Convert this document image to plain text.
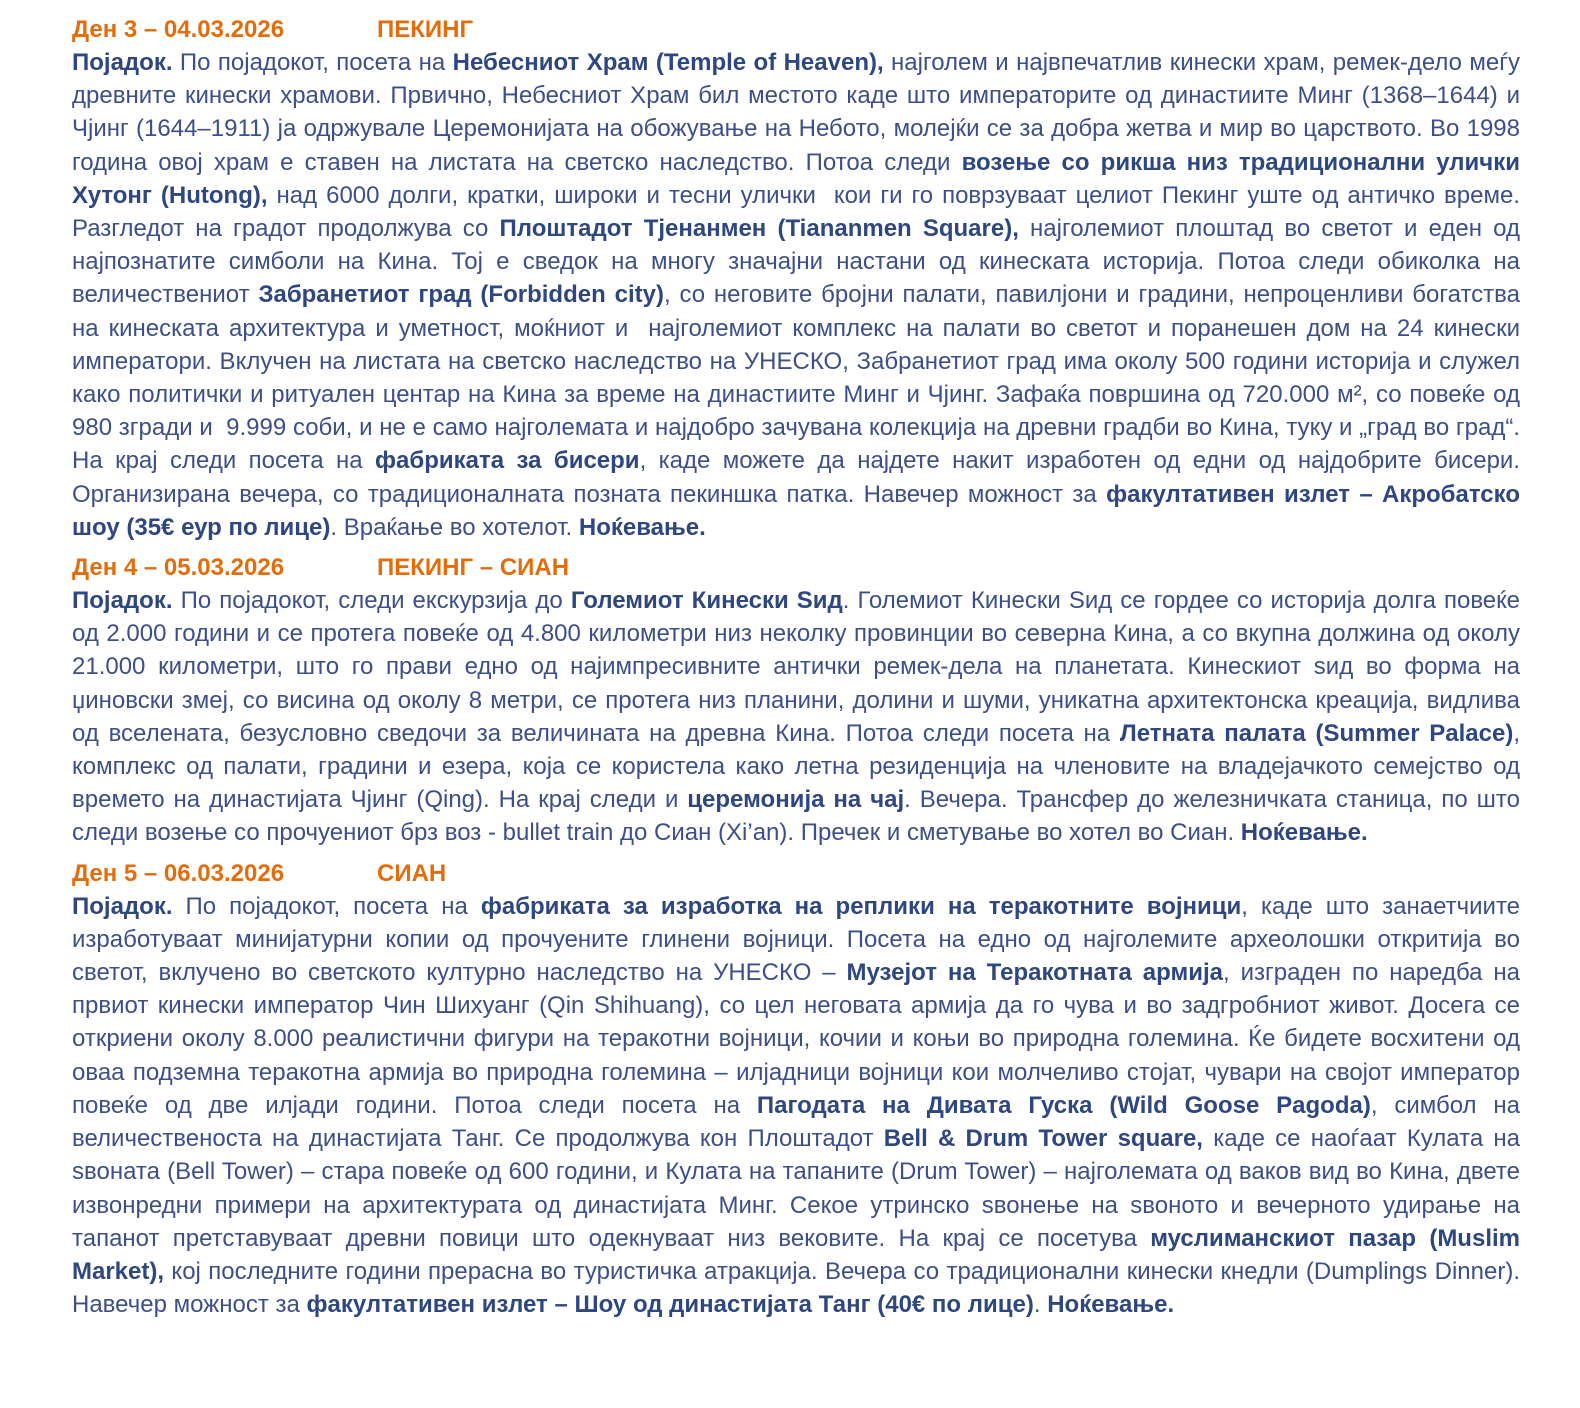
Ден 3 – 04.03.2026	ПЕКИНГ

Појадок. По појадокот, посета на Небесниот Храм (Temple of Heaven), најголем и највпечатлив кинески храм, ремек-дело меѓу древните кинески храмови. Првично, Небесниот Храм бил местото каде што императорите од династиите Минг (1368–1644) и Чјинг (1644–1911) ја одржувале Церемонијата на обожување на Небото, молејќи се за добра жетва и мир во царството. Во 1998 година овој храм е ставен на листата на светско наследство. Потоа следи возење со рикша низ традиционални улички Хутонг (Hutong), над 6000 долги, кратки, широки и тесни улички  кои ги го поврзуваат целиот Пекинг уште од античко време. Разгледот на градот продолжува со Плоштадот Тјенанмен (Tiananmen Square), најголемиот плоштад во светот и еден од најпознатите симболи на Кина. Тој е сведок на многу значајни настани од кинеската историја. Потоа следи обиколка на величествениот Забранетиот град (Forbidden city), со неговите бројни палати, павилјони и градини, непроценливи богатства на кинеската архитектура и уметност, моќниот и  најголемиот комплекс на палати во светот и поранешен дом на 24 кинески императори. Вклучен на листата на светско наследство на УНЕСКО, Забранетиот град има околу 500 години историја и служел како политички и ритуален центар на Кина за време на династиите Минг и Чјинг. Зафаќа површина од 720.000 м², со повеќе од 980 згради и  9.999 соби, и не е само најголемата и најдобро зачувана колекција на древни градби во Кина, туку и „град во град“. На крај следи посета на фабриката за бисери, каде можете да најдете накит изработен од едни од најдобрите бисери. Организирана вечера, со традиционалната позната пекиншка патка. Навечер можност за факултативен излет – Акробатско шоу (35€ еур по лице). Враќање во хотелот. Ноќевање.

Ден 4 – 05.03.2026	ПЕКИНГ – СИАН

Појадок. По појадокот, следи екскурзија до Големиот Кинески Ѕид. Големиот Кинески Ѕид се гордее со историја долга повеќе од 2.000 години и се протега повеќе од 4.800 километри низ неколку провинции во северна Кина, а со вкупна должина од околу 21.000 километри, што го прави едно од најимпресивните антички ремек-дела на планетата. Кинескиот ѕид во форма на џиновски змеј, со висина од околу 8 метри, се протега низ планини, долини и шуми, уникатна архитектонска креација, видлива од вселената, безусловно сведочи за величината на древна Кина. Потоа следи посета на Летната палата (Summer Palace), комплекс од палати, градини и езера, која се користела како летна резиденција на членовите на владејачкото семејство од времето на династијата Чјинг (Qing). На крај следи и церемонија на чај. Вечера. Трансфер до железничката станица, по што следи возење со прочуениот брз воз - bullet train до Сиан (Xi’an). Пречек и сметување во хотел во Сиан. Ноќевање.

Ден 5 – 06.03.2026	СИАН

Појадок. По појадокот, посета на фабриката за изработка на реплики на теракотните војници, каде што занаетчиите изработуваат минијатурни копии од прочуените глинени војници. Посета на едно од најголемите археолошки откритија во светот, вклучено во светското културно наследство на УНЕСКО – Музејот на Теракотната армија, изграден по наредба на првиот кинески император Чин Шихуанг (Qin Shihuang), со цел неговата армија да го чува и во задгробниот живот. Досега се откриени околу 8.000 реалистични фигури на теракотни војници, кочии и коњи во природна големина. Ќе бидете восхитени од оваа подземна теракотна армија во природна големина – илјадници војници кои молчеливо стојат, чувари на својот император повеќе од две илјади години. Потоа следи посета на Пагодата на Дивата Гуска (Wild Goose Pagoda), симбол на величественоста на династијата Танг. Се продолжува кон Плоштадот Bell & Drum Tower square, каде се наоѓаат Кулата на ѕвоната (Bell Tower) – стара повеќе од 600 години, и Кулата на тапаните (Drum Tower) – најголемата од ваков вид во Кина, двете извонредни примери на архитектурата од династијата Минг. Секое утринско ѕвонење на ѕвоното и вечерното удирање на тапанот претставуваат древни повици што одекнуваат низ вековите. На крај се посетува муслиманскиот пазар (Muslim Market), кој последните години прерасна во туристичка атракција. Вечера со традиционални кинески кнедли (Dumplings Dinner). Навечер можност за факултативен излет – Шоу од династијата Танг (40€ по лице). Ноќевање.
